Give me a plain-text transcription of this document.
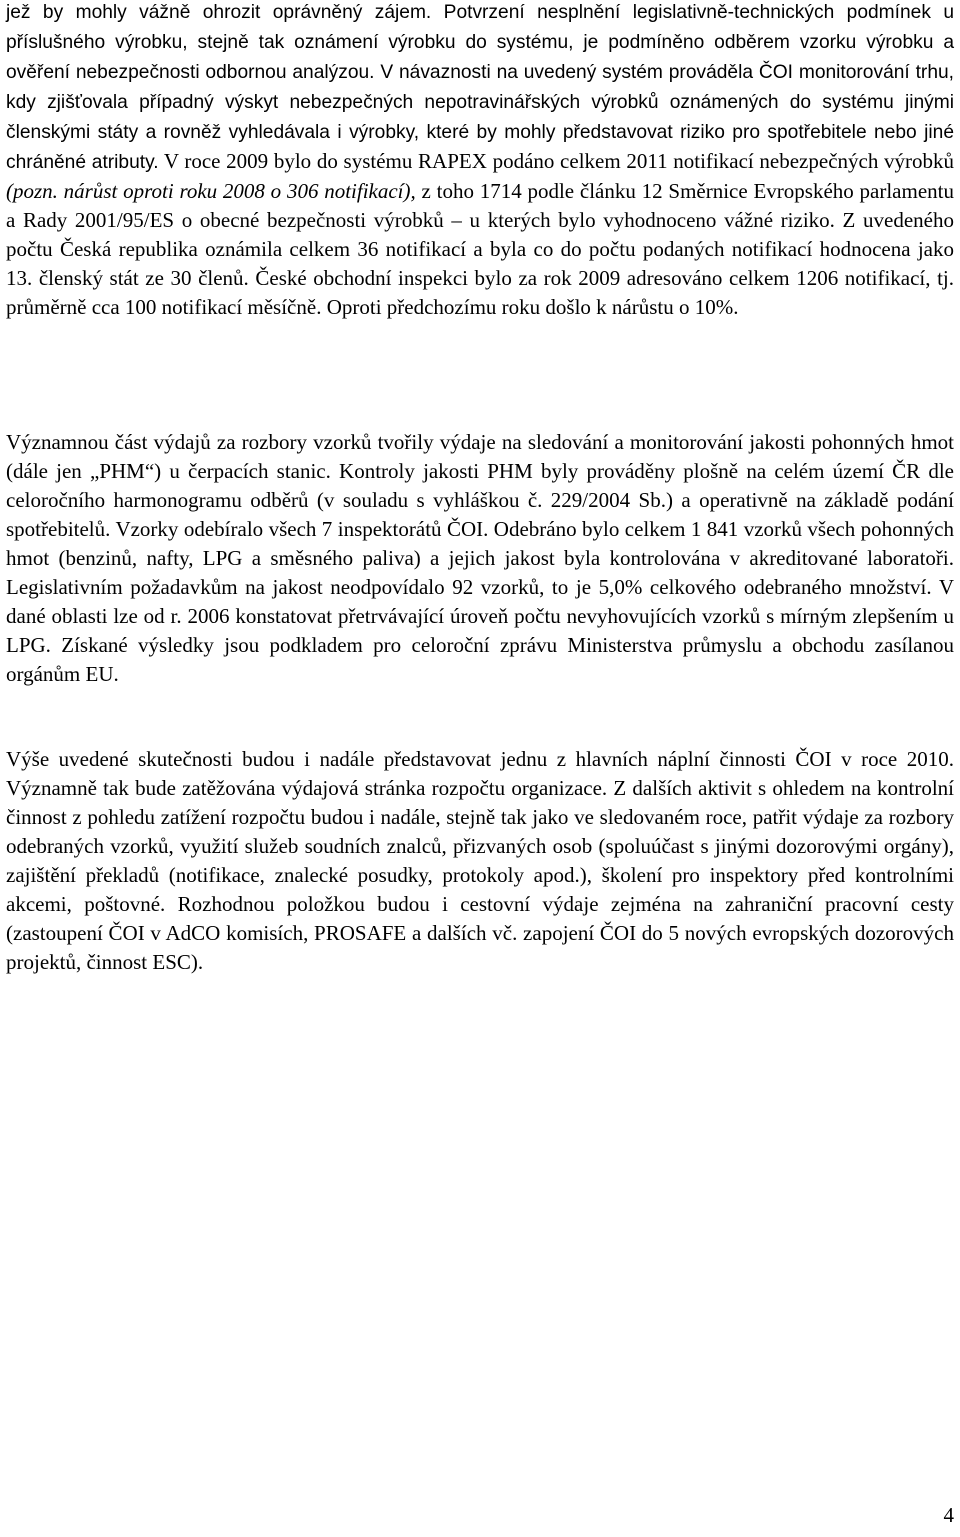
jež by mohly vážně ohrozit oprávněný zájem. Potvrzení nesplnění legislativně-technických podmínek u příslušného výrobku, stejně tak oznámení výrobku do systému, je podmíněno odběrem vzorku výrobku a ověření nebezpečnosti odbornou analýzou. V návaznosti na uvedený systém prováděla ČOI monitorování trhu, kdy zjišťovala případný výskyt nebezpečných nepotravinářských výrobků oznámených do systému jinými členskými státy a rovněž vyhledávala i výrobky, které by mohly představovat riziko pro spotřebitele nebo jiné chráněné atributy. V roce 2009 bylo do systému RAPEX podáno celkem 2011 notifikací nebezpečných výrobků (pozn. nárůst oproti roku 2008 o 306 notifikací), z toho 1714 podle článku 12 Směrnice Evropského parlamentu a Rady 2001/95/ES o obecné bezpečnosti výrobků – u kterých bylo vyhodnoceno vážné riziko. Z uvedeného počtu Česká republika oznámila celkem 36 notifikací a byla co do počtu podaných notifikací hodnocena jako 13. členský stát ze 30 členů. České obchodní inspekci bylo za rok 2009 adresováno celkem 1206 notifikací, tj. průměrně cca 100 notifikací měsíčně. Oproti předchozímu roku došlo k nárůstu o 10%.

Významnou část výdajů za rozbory vzorků tvořily výdaje na sledování a monitorování jakosti pohonných hmot (dále jen „PHM“) u čerpacích stanic. Kontroly jakosti PHM byly prováděny plošně na celém území ČR dle celoročního harmonogramu odběrů (v souladu s vyhláškou č. 229/2004 Sb.) a operativně na základě podání spotřebitelů. Vzorky odebíralo všech 7 inspektorátů ČOI. Odebráno bylo celkem 1 841 vzorků všech pohonných hmot (benzinů, nafty, LPG a směsného paliva) a jejich jakost byla kontrolována v akreditované laboratoři. Legislativním požadavkům na jakost neodpovídalo 92 vzorků, to je 5,0% celkového odebraného množství. V dané oblasti lze od r. 2006 konstatovat přetrvávající úroveň počtu nevyhovujících vzorků s mírným zlepšením u LPG. Získané výsledky jsou podkladem pro celoroční zprávu Ministerstva průmyslu a obchodu zasílanou orgánům EU.

Výše uvedené skutečnosti budou i nadále představovat jednu z hlavních náplní činnosti ČOI v roce 2010. Významně tak bude zatěžována výdajová stránka rozpočtu organizace. Z dalších aktivit s ohledem na kontrolní činnost z pohledu zatížení rozpočtu budou i nadále, stejně tak jako ve sledovaném roce, patřit výdaje za rozbory odebraných vzorků, využití služeb soudních znalců, přizvaných osob (spoluúčast s jinými dozorovými orgány), zajištění překladů (notifikace, znalecké posudky, protokoly apod.), školení pro inspektory před kontrolními akcemi, poštovné. Rozhodnou položkou budou i cestovní výdaje zejména na zahraniční pracovní cesty (zastoupení ČOI v AdCO komisích, PROSAFE a dalších vč. zapojení ČOI do 5 nových evropských dozorových projektů, činnost ESC).

4
